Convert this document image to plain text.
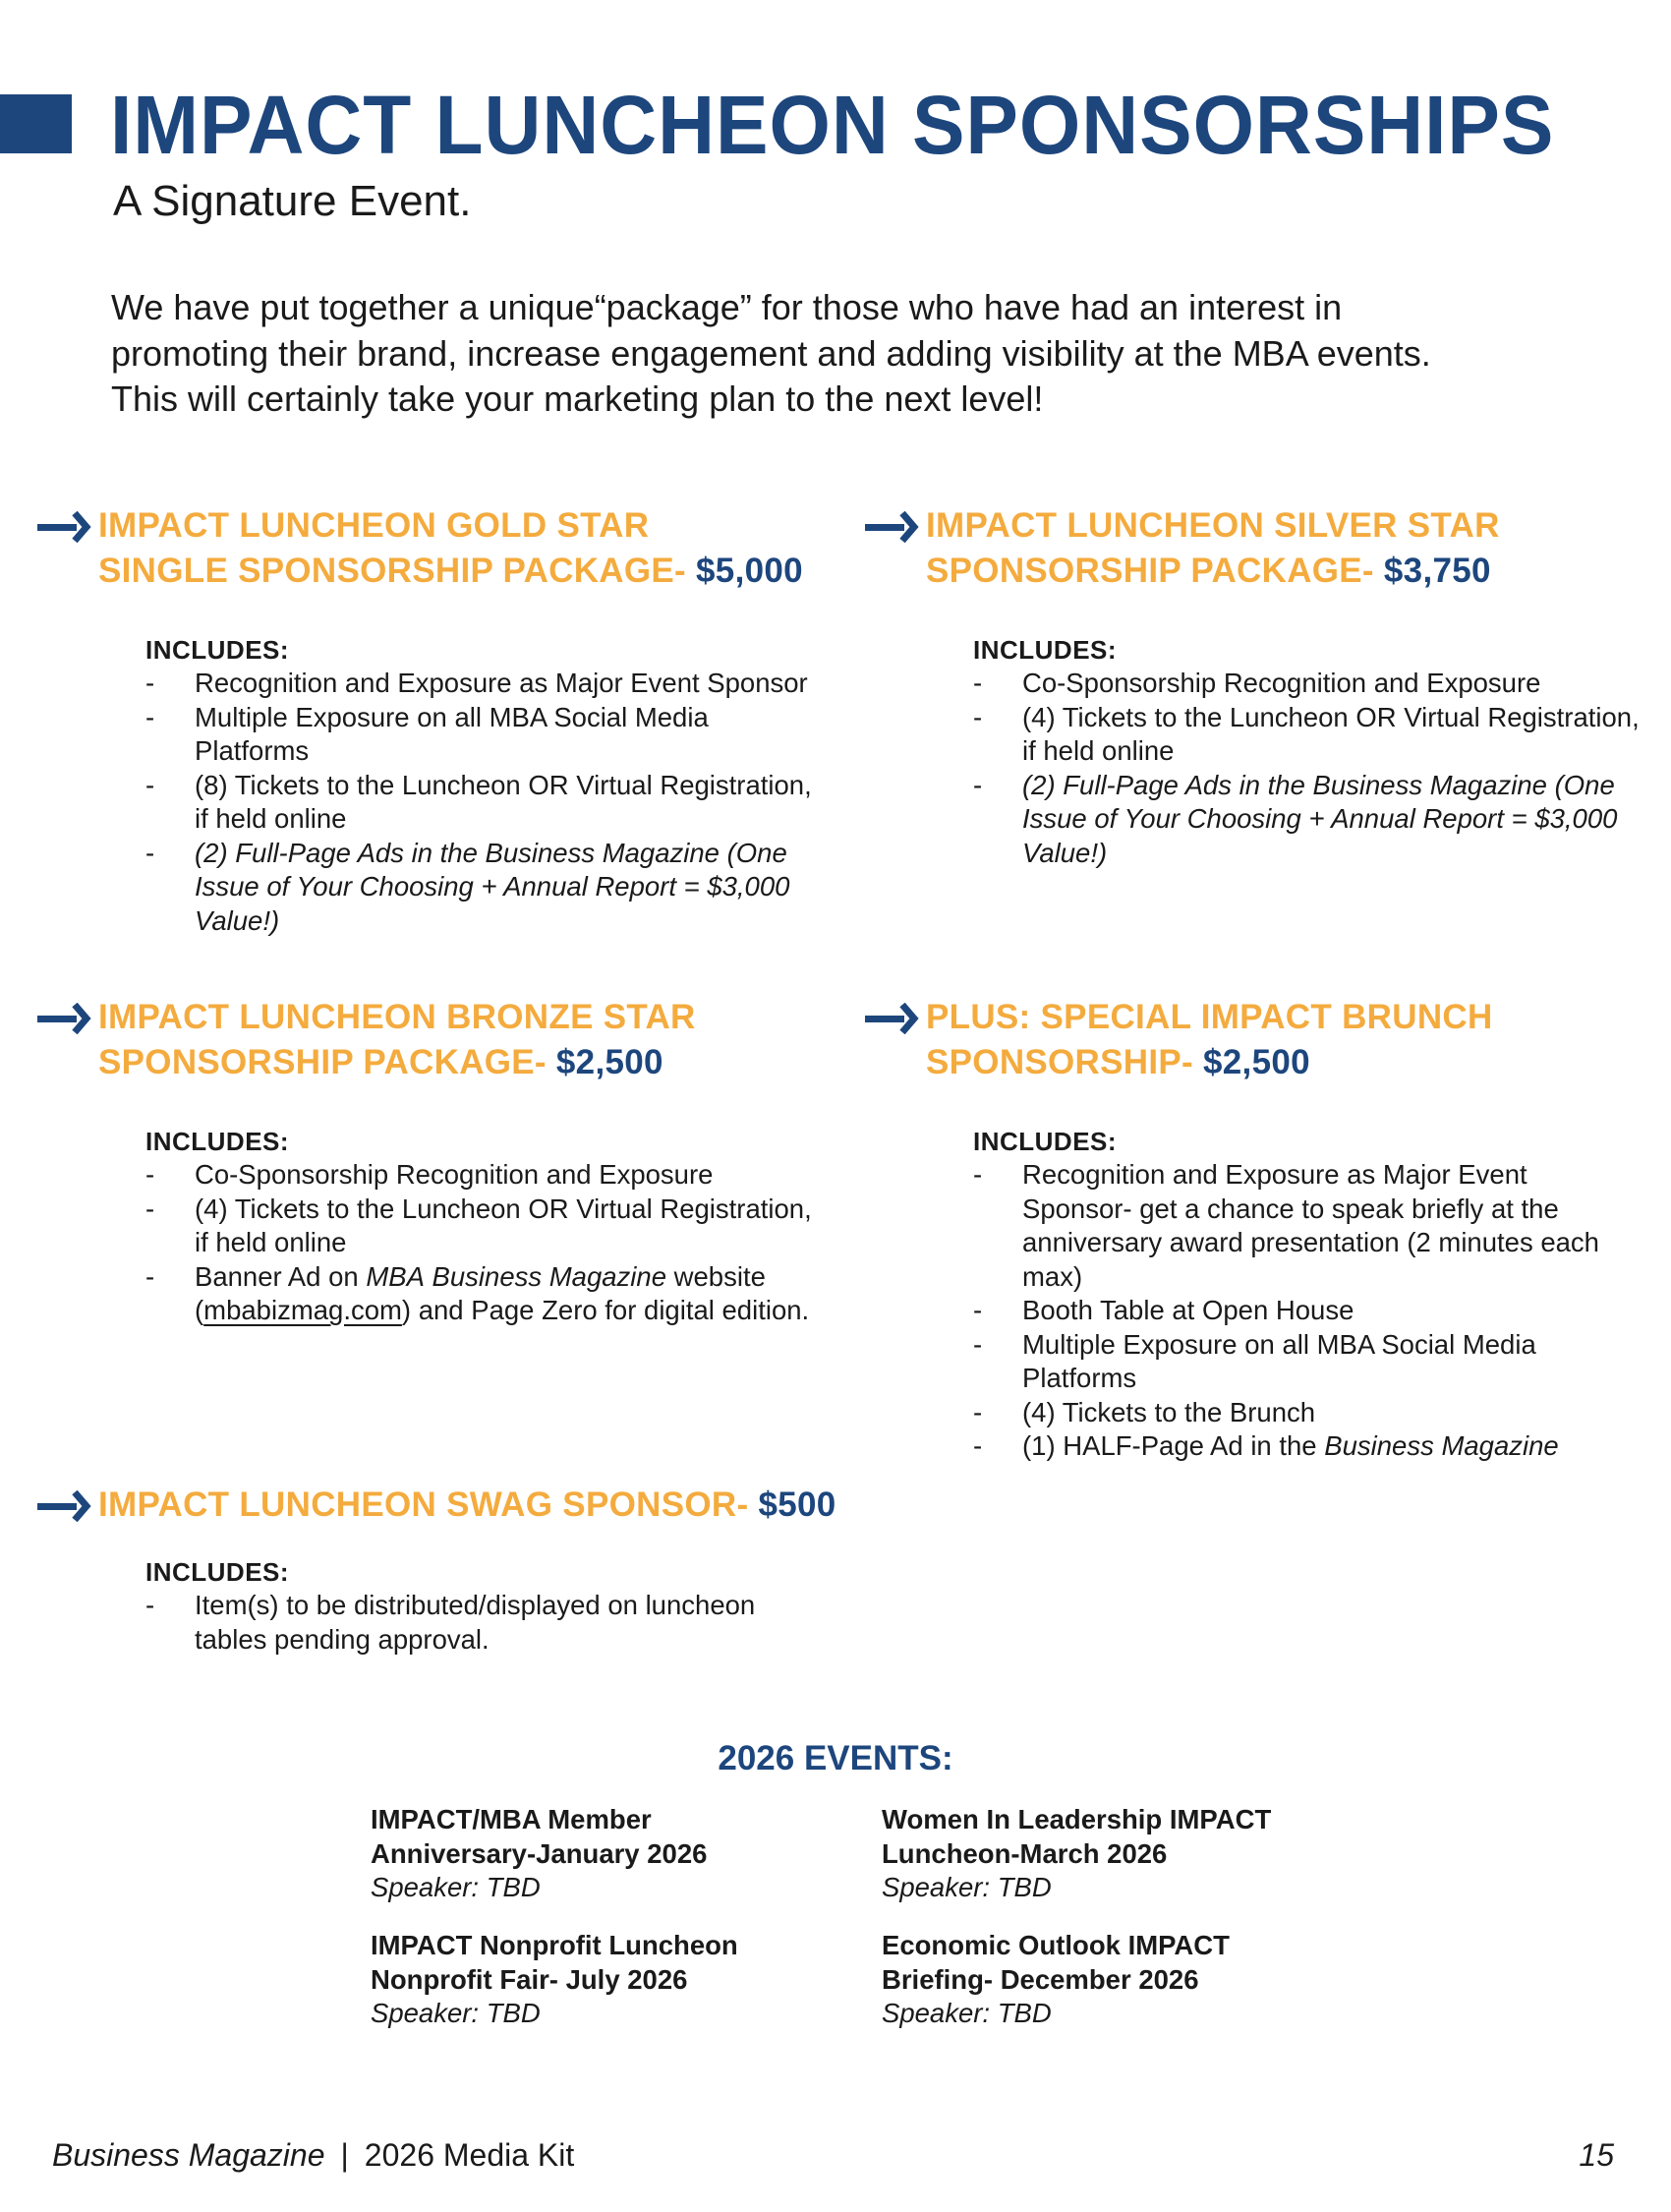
IMPACT LUNCHEON SPONSORSHIPS
A Signature Event.

We have put together a unique“package” for those who have had an interest in promoting their brand, increase engagement and adding visibility at the MBA events. This will certainly take your marketing plan to the next level!

IMPACT LUNCHEON GOLD STAR
SINGLE SPONSORSHIP PACKAGE- $5,000
INCLUDES:
- Recognition and Exposure as Major Event Sponsor
- Multiple Exposure on all MBA Social Media Platforms
- (8) Tickets to the Luncheon OR Virtual Registration, if held online
- (2) Full-Page Ads in the Business Magazine (One Issue of Your Choosing + Annual Report = $3,000 Value!)
IMPACT LUNCHEON SILVER STAR
SPONSORSHIP PACKAGE- $3,750
INCLUDES:
- Co-Sponsorship Recognition and Exposure
- (4) Tickets to the Luncheon OR Virtual Registration, if held online
- (2) Full-Page Ads in the Business Magazine (One Issue of Your Choosing + Annual Report = $3,000 Value!)
IMPACT LUNCHEON BRONZE STAR
SPONSORSHIP PACKAGE- $2,500
INCLUDES:
- Co-Sponsorship Recognition and Exposure
- (4) Tickets to the Luncheon OR Virtual Registration, if held online
- Banner Ad on MBA Business Magazine website (mbabizmag.com) and Page Zero for digital edition.
PLUS: SPECIAL IMPACT BRUNCH
SPONSORSHIP- $2,500
INCLUDES:
- Recognition and Exposure as Major Event Sponsor- get a chance to speak briefly at the anniversary award presentation (2 minutes each max)
- Booth Table at Open House
- Multiple Exposure on all MBA Social Media Platforms
- (4) Tickets to the Brunch
- (1) HALF-Page Ad in the Business Magazine
IMPACT LUNCHEON SWAG SPONSOR- $500
INCLUDES:
- Item(s) to be distributed/displayed on luncheon tables pending approval.
2026 EVENTS:
IMPACT/MBA Member
Anniversary-January 2026
Speaker: TBD
Women In Leadership IMPACT
Luncheon-March 2026
Speaker: TBD
IMPACT Nonprofit Luncheon
Nonprofit Fair- July 2026
Speaker: TBD
Economic Outlook IMPACT
Briefing- December 2026
Speaker: TBD
Business Magazine | 2026 Media Kit	15
